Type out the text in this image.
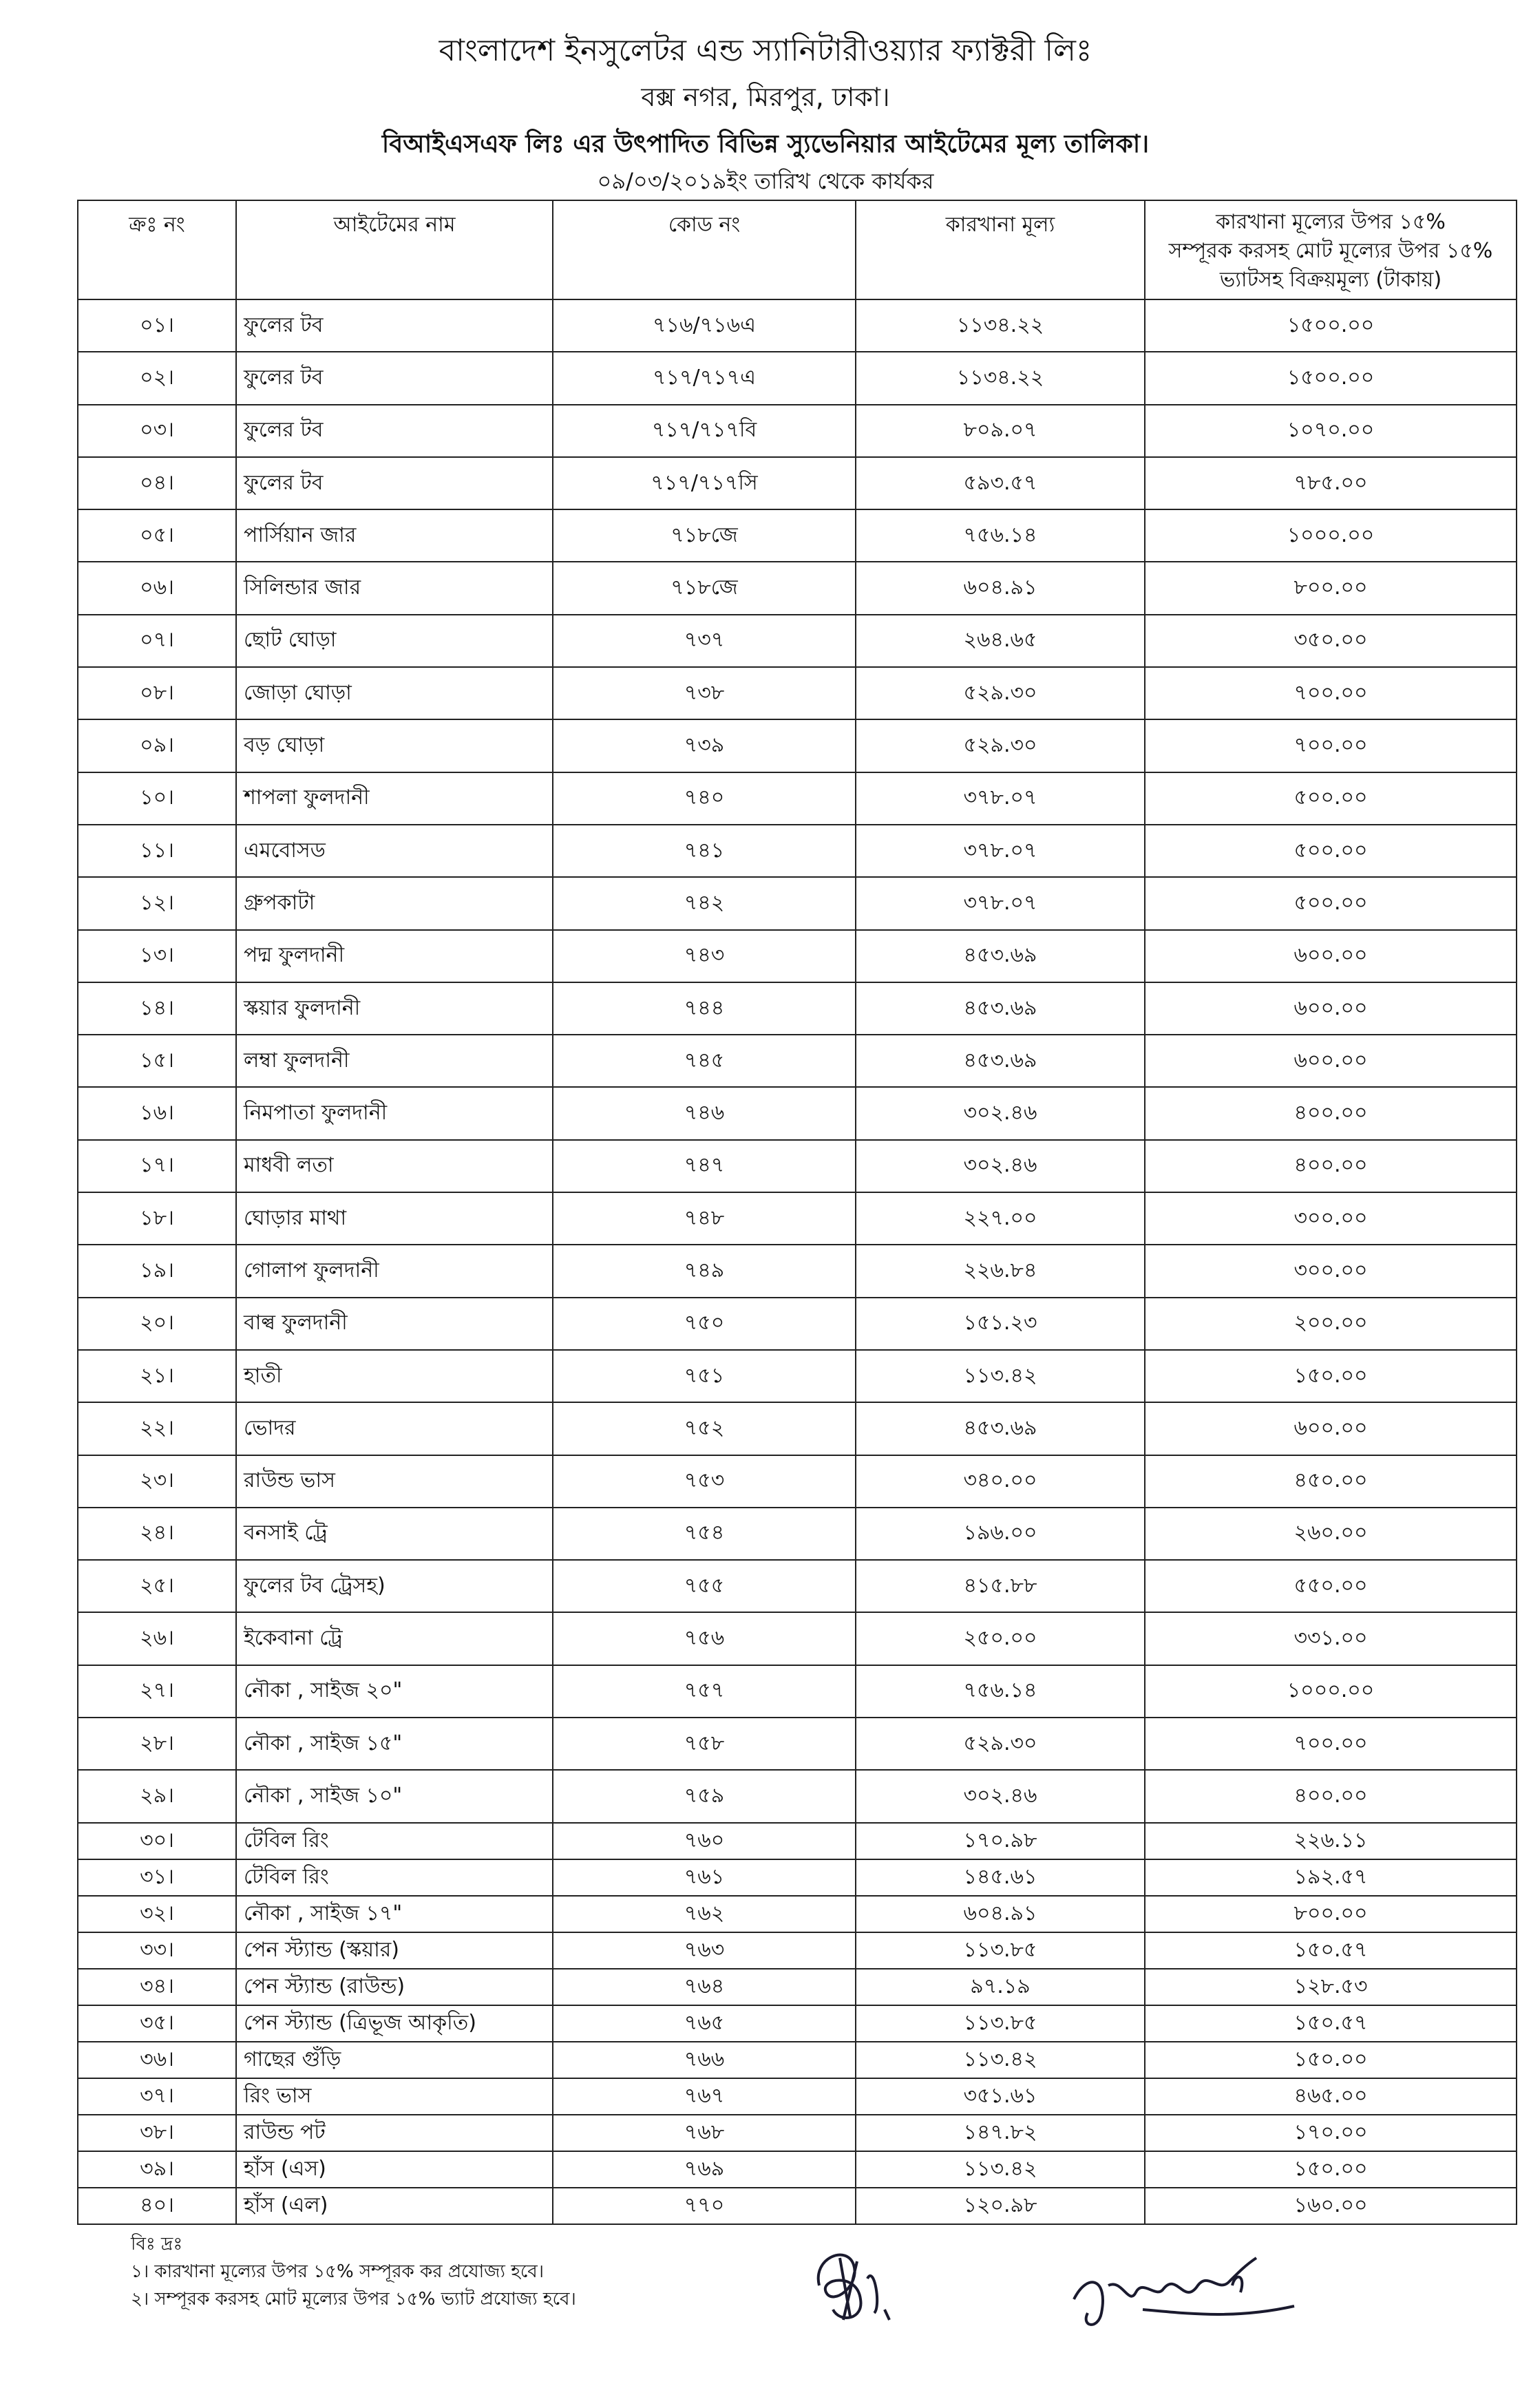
বাংলাদেশ ইনসুলেটর এন্ড স্যানিটারীওয়্যার ফ্যাক্টরী লিঃ
বক্স নগর, মিরপুর, ঢাকা।
বিআইএসএফ লিঃ এর উৎপাদিত বিভিন্ন স্যুভেনিয়ার আইটেমের মূল্য তালিকা।
০৯/০৩/২০১৯ইং তারিখ থেকে কার্যকর
ক্রঃ নং	আইটেমের নাম	কোড নং	কারখানা মূল্য	কারখানা মূল্যের উপর ১৫%
সম্পূরক করসহ মোট মূল্যের উপর ১৫%
ভ্যাটসহ বিক্রয়মূল্য (টাকায়)

০১।	ফুলের টব	৭১৬/৭১৬এ	১১৩৪.২২	১৫০০.০০
০২।	ফুলের টব	৭১৭/৭১৭এ	১১৩৪.২২	১৫০০.০০
০৩।	ফুলের টব	৭১৭/৭১৭বি	৮০৯.০৭	১০৭০.০০
০৪।	ফুলের টব	৭১৭/৭১৭সি	৫৯৩.৫৭	৭৮৫.০০
০৫।	পার্সিয়ান জার	৭১৮জে	৭৫৬.১৪	১০০০.০০
০৬।	সিলিন্ডার জার	৭১৮জে	৬০৪.৯১	৮০০.০০
০৭।	ছোট ঘোড়া	৭৩৭	২৬৪.৬৫	৩৫০.০০
০৮।	জোড়া ঘোড়া	৭৩৮	৫২৯.৩০	৭০০.০০
০৯।	বড় ঘোড়া	৭৩৯	৫২৯.৩০	৭০০.০০
১০।	শাপলা ফুলদানী	৭৪০	৩৭৮.০৭	৫০০.০০
১১।	এমবোসড	৭৪১	৩৭৮.০৭	৫০০.০০
১২।	গ্রুপকাটা	৭৪২	৩৭৮.০৭	৫০০.০০
১৩।	পদ্ম ফুলদানী	৭৪৩	৪৫৩.৬৯	৬০০.০০
১৪।	স্কয়ার ফুলদানী	৭৪৪	৪৫৩.৬৯	৬০০.০০
১৫।	লম্বা ফুলদানী	৭৪৫	৪৫৩.৬৯	৬০০.০০
১৬।	নিমপাতা ফুলদানী	৭৪৬	৩০২.৪৬	৪০০.০০
১৭।	মাধবী লতা	৭৪৭	৩০২.৪৬	৪০০.০০
১৮।	ঘোড়ার মাথা	৭৪৮	২২৭.০০	৩০০.০০
১৯।	গোলাপ ফুলদানী	৭৪৯	২২৬.৮৪	৩০০.০০
২০।	বাল্ব ফুলদানী	৭৫০	১৫১.২৩	২০০.০০
২১।	হাতী	৭৫১	১১৩.৪২	১৫০.০০
২২।	ভোদর	৭৫২	৪৫৩.৬৯	৬০০.০০
২৩।	রাউন্ড ভাস	৭৫৩	৩৪০.০০	৪৫০.০০
২৪।	বনসাই ট্রে	৭৫৪	১৯৬.০০	২৬০.০০
২৫।	ফুলের টব ট্রেসহ)	৭৫৫	৪১৫.৮৮	৫৫০.০০
২৬।	ইকেবানা ট্রে	৭৫৬	২৫০.০০	৩৩১.০০
২৭।	নৌকা , সাইজ ২০"	৭৫৭	৭৫৬.১৪	১০০০.০০
২৮।	নৌকা , সাইজ ১৫"	৭৫৮	৫২৯.৩০	৭০০.০০
২৯।	নৌকা , সাইজ ১০"	৭৫৯	৩০২.৪৬	৪০০.০০
৩০।	টেবিল রিং	৭৬০	১৭০.৯৮	২২৬.১১
৩১।	টেবিল রিং	৭৬১	১৪৫.৬১	১৯২.৫৭
৩২।	নৌকা , সাইজ ১৭"	৭৬২	৬০৪.৯১	৮০০.০০
৩৩।	পেন স্ট্যান্ড (স্কয়ার)	৭৬৩	১১৩.৮৫	১৫০.৫৭
৩৪।	পেন স্ট্যান্ড (রাউন্ড)	৭৬৪	৯৭.১৯	১২৮.৫৩
৩৫।	পেন স্ট্যান্ড (ত্রিভূজ আকৃতি)	৭৬৫	১১৩.৮৫	১৫০.৫৭
৩৬।	গাছের গুঁড়ি	৭৬৬	১১৩.৪২	১৫০.০০
৩৭।	রিং ভাস	৭৬৭	৩৫১.৬১	৪৬৫.০০
৩৮।	রাউন্ড পট	৭৬৮	১৪৭.৮২	১৭০.০০
৩৯।	হাঁস (এস)	৭৬৯	১১৩.৪২	১৫০.০০
৪০।	হাঁস (এল)	৭৭০	১২০.৯৮	১৬০.০০
বিঃ দ্রঃ
১। কারখানা মূল্যের উপর ১৫% সম্পূরক কর প্রযোজ্য হবে।
২। সম্পূরক করসহ মোট মূল্যের উপর ১৫% ভ্যাট প্রযোজ্য হবে।
